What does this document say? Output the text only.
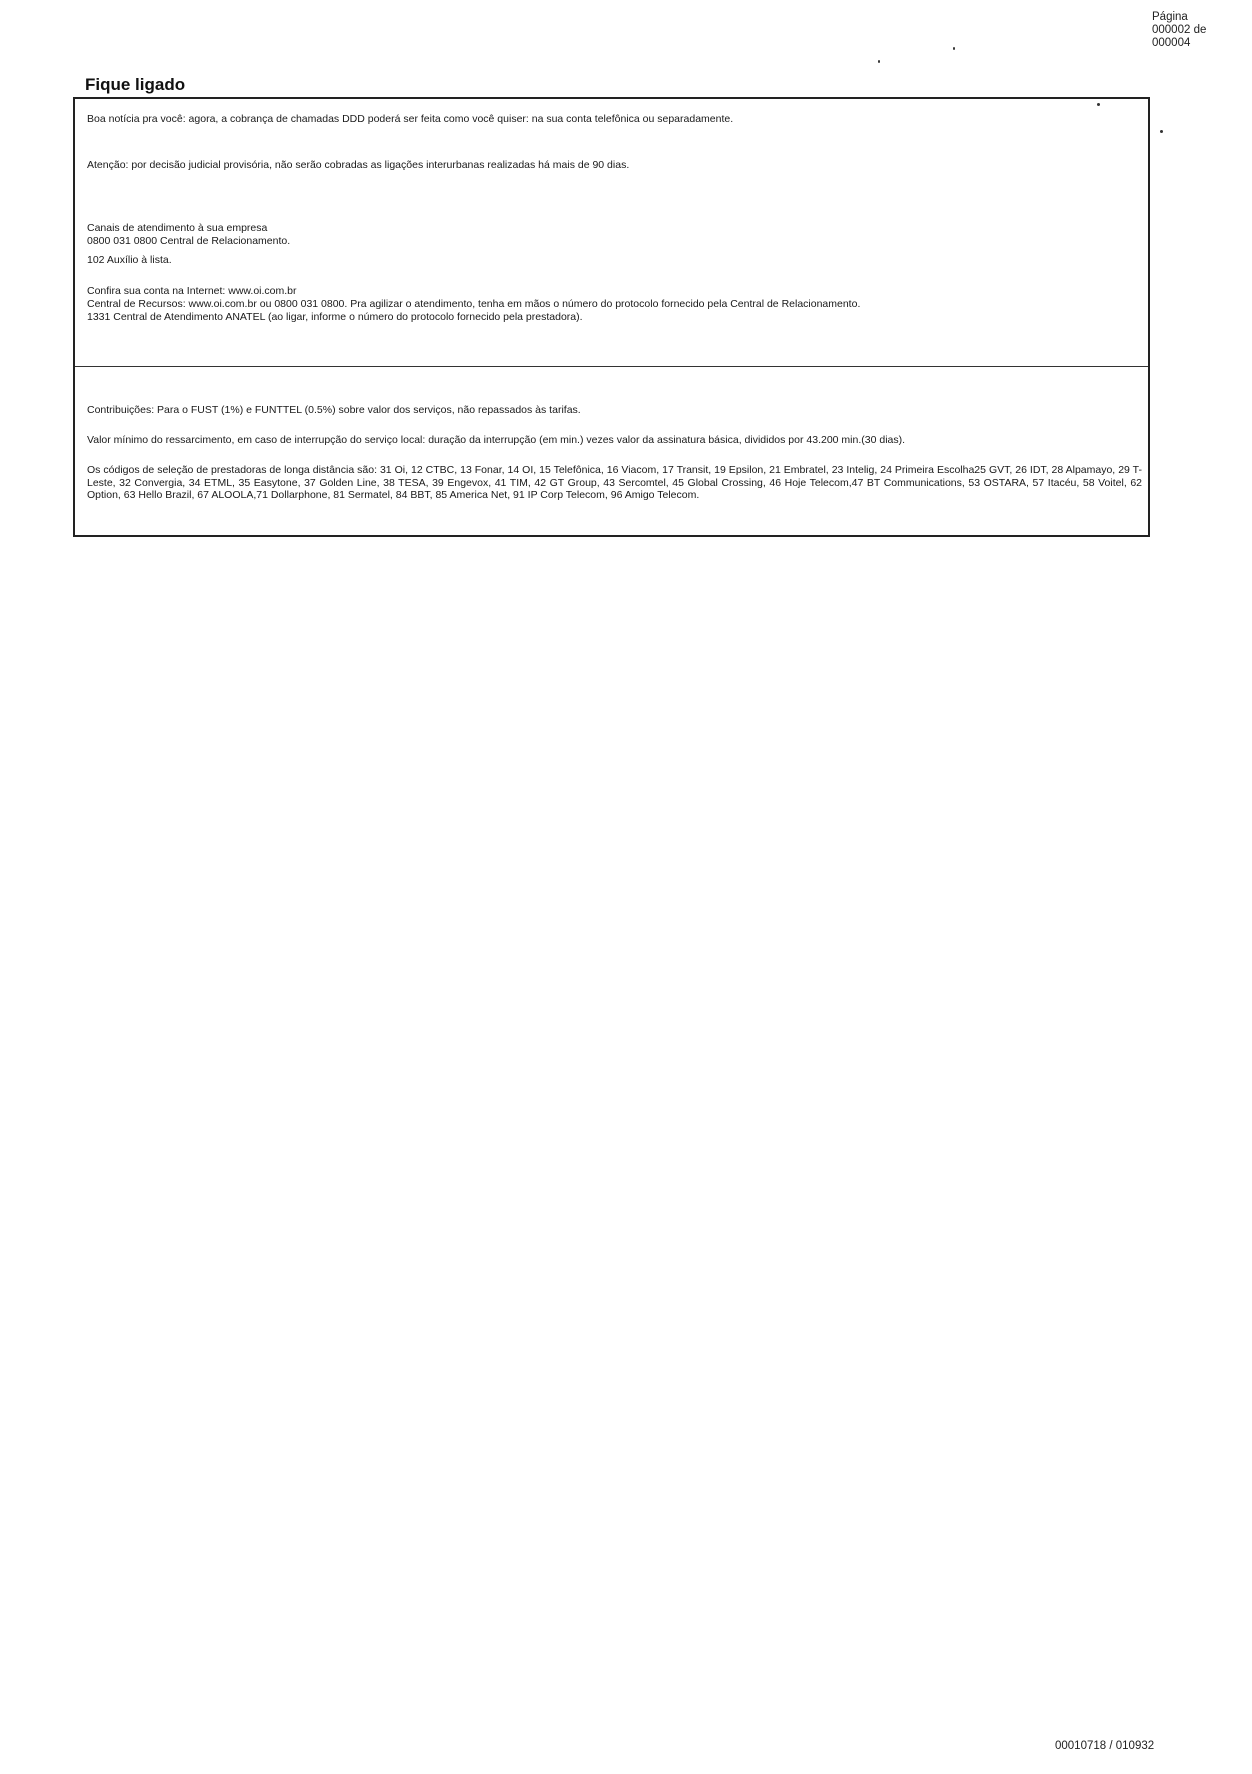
Página
000002 de
000004
Fique ligado
Boa notícia pra você: agora, a cobrança de chamadas DDD poderá ser feita como você quiser: na sua conta telefônica ou separadamente.
Atenção: por decisão judicial provisória, não serão cobradas as ligações interurbanas realizadas há mais de 90 dias.
Canais de atendimento à sua empresa
0800 031 0800 Central de Relacionamento.
102 Auxílio à lista.
Confira sua conta na Internet: www.oi.com.br
Central de Recursos: www.oi.com.br ou 0800 031 0800. Pra agilizar o atendimento, tenha em mãos o número do protocolo fornecido pela Central de Relacionamento.
1331 Central de Atendimento ANATEL (ao ligar, informe o número do protocolo fornecido pela prestadora).
Contribuições: Para o FUST (1%) e FUNTTEL (0.5%) sobre valor dos serviços, não repassados às tarifas.
Valor mínimo do ressarcimento, em caso de interrupção do serviço local: duração da interrupção (em min.) vezes valor da assinatura básica, divididos por 43.200 min.(30 dias).
Os códigos de seleção de prestadoras de longa distância são: 31 Oi, 12 CTBC, 13 Fonar, 14 OI, 15 Telefônica, 16 Viacom, 17 Transit, 19 Epsilon, 21 Embratel, 23 Intelig, 24 Primeira Escolha25 GVT, 26 IDT, 28 Alpamayo, 29 T-Leste, 32 Convergia, 34 ETML, 35 Easytone, 37 Golden Line, 38 TESA, 39 Engevox, 41 TIM, 42 GT Group, 43 Sercomtel, 45 Global Crossing, 46 Hoje Telecom,47 BT Communications, 53 OSTARA, 57 Itacéu, 58 Voitel, 62 Option, 63 Hello Brazil, 67 ALOOLA,71 Dollarphone, 81 Sermatel, 84 BBT, 85 America Net, 91 IP Corp Telecom, 96 Amigo Telecom.
00010718 / 010932
